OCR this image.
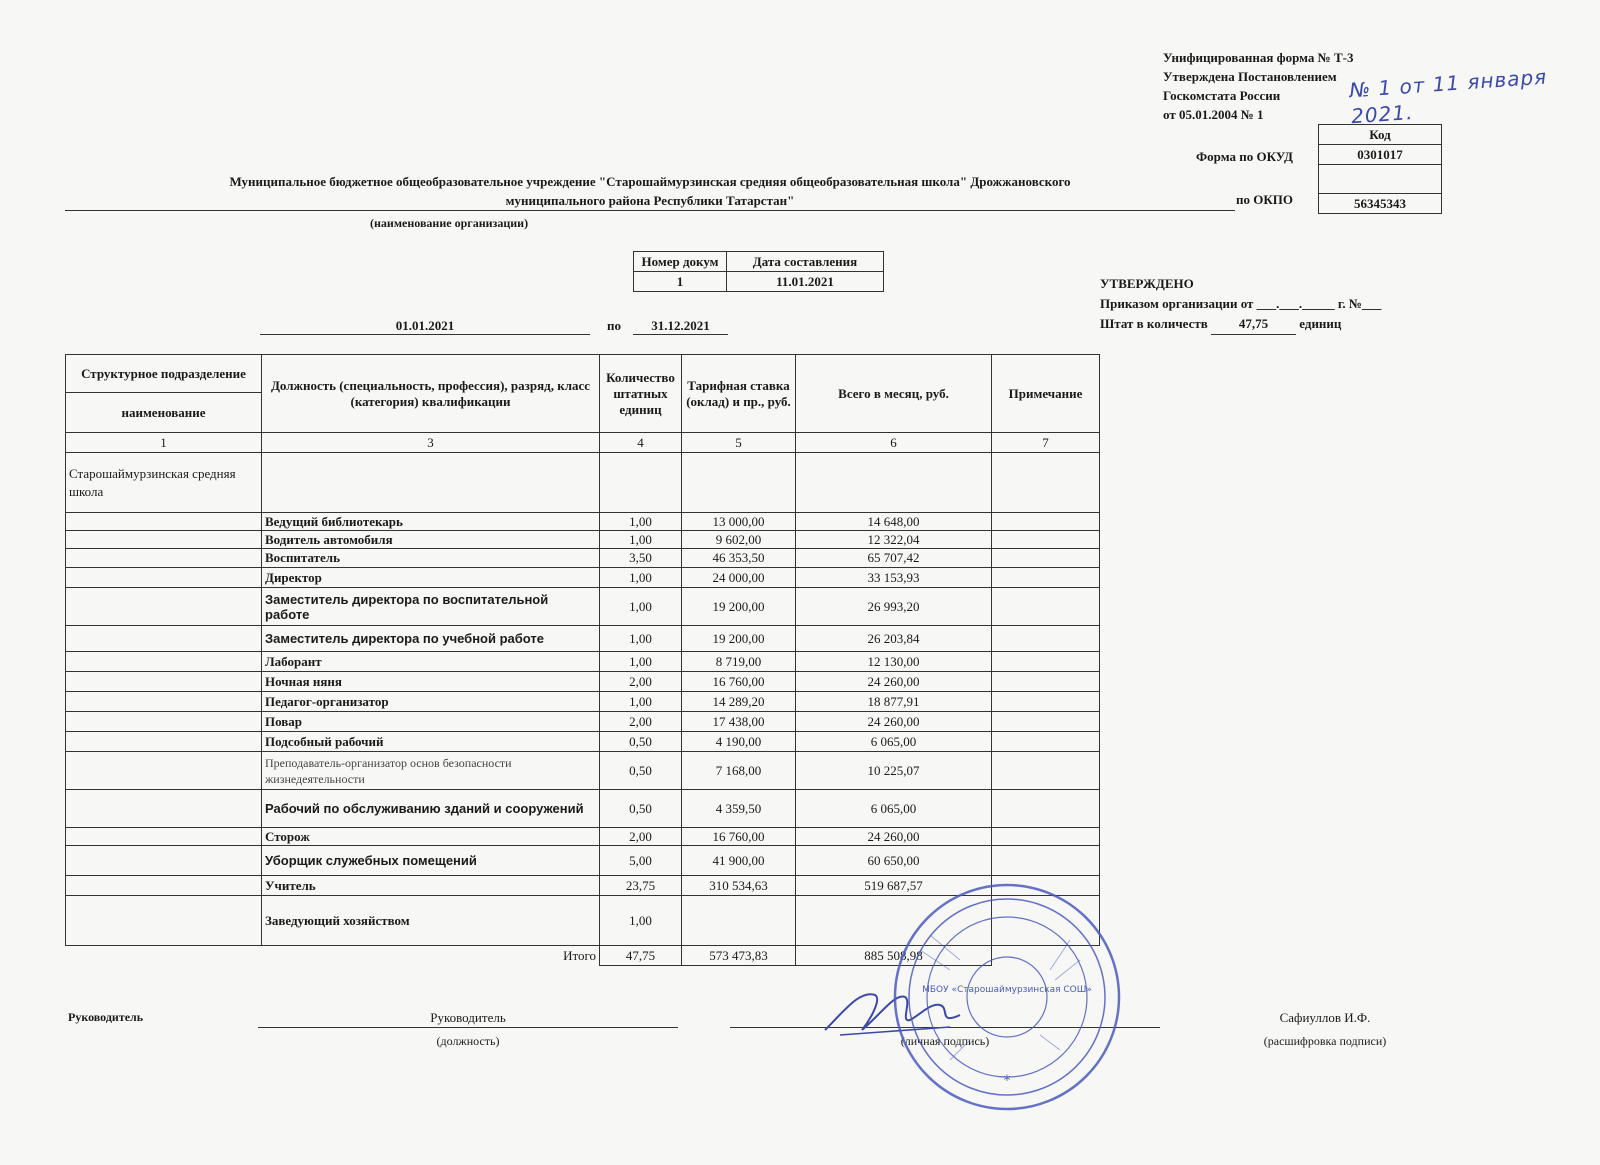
Унифицированная форма № Т-3
Утверждена Постановлением
Госкомстата России
от 05.01.2004 № 1
№ 1 от 11 января 2021.
Код
0301017

56345343
Форма по ОКУД
по ОКПО
Муниципальное бюджетное общеобразовательное учреждение "Старошаймурзинская средняя общеобразовательная школа" Дрожжановского
муниципального района Республики Татарстан"
(наименование организации)
Номер докум	Дата составления
1	11.01.2021
01.01.2021	по	31.12.2021
УТВЕРЖДЕНО
Приказом организации от ___.___._____ г. №___
Штат в количеств 47,75 единиц
Структурное подразделение	Должность (специальность, профессия), разряд, класс (категория) квалификации	Количество штатных единиц	Тарифная ставка (оклад) и пр., руб.	Всего в месяц, руб.	Примечание
наименование					
1	3	4	5	6	7
Старошаймурзинская средняя школа					
	Ведущий библиотекарь	1,00	13 000,00	14 648,00	
	Водитель автомобиля	1,00	9 602,00	12 322,04	
	Воспитатель	3,50	46 353,50	65 707,42	
	Директор	1,00	24 000,00	33 153,93	
	Заместитель директора по воспитательной работе	1,00	19 200,00	26 993,20	
	Заместитель директора по учебной работе	1,00	19 200,00	26 203,84	
	Лаборант	1,00	8 719,00	12 130,00	
	Ночная няня	2,00	16 760,00	24 260,00	
	Педагог-организатор	1,00	14 289,20	18 877,91	
	Повар	2,00	17 438,00	24 260,00	
	Подсобный рабочий	0,50	4 190,00	6 065,00	
	Преподаватель-организатор основ безопасности жизнедеятельности	0,50	7 168,00	10 225,07	
	Рабочий по обслуживанию зданий и сооружений	0,50	4 359,50	6 065,00	
	Сторож	2,00	16 760,00	24 260,00	
	Уборщик служебных помещений	5,00	41 900,00	60 650,00	
	Учитель	23,75	310 534,63	519 687,57	
	Заведующий хозяйством	1,00			
	Итого	47,75	573 473,83	885 508,98	
Руководитель	Руководитель
(должность)	(личная подпись)
Сафиуллов И.Ф.
(расшифровка подписи)
МБОУ «Старошаймурзинская СОШ»
*
